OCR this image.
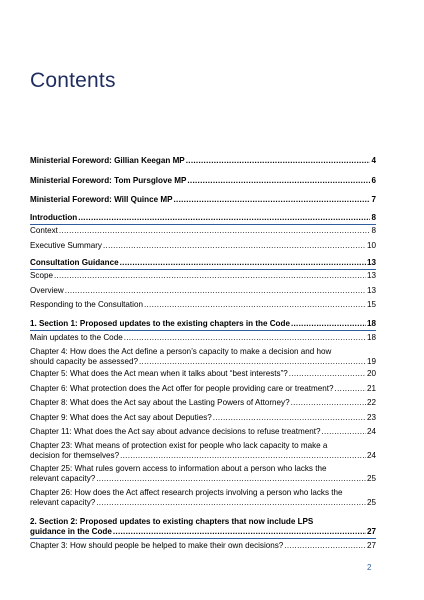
Contents
Ministerial Foreword: Gillian Keegan MP .....	4
Ministerial Foreword: Tom Pursglove MP .....	6
Ministerial Foreword: Will Quince MP .....	7
Introduction .....	8
Context .....	8
Executive Summary .....	10
Consultation Guidance .....	13
Scope .....	13
Overview .....	13
Responding to the Consultation .....	15
1. Section 1: Proposed updates to the existing chapters in the Code .....	18
Main updates to the Code .....	18
Chapter 4: How does the Act define a person’s capacity to make a decision and how
should capacity be assessed? .....	19
Chapter 5: What does the Act mean when it talks about “best interests”? .....	20
Chapter 6: What protection does the Act offer for people providing care or treatment? .....	21
Chapter 8: What does the Act say about the Lasting Powers of Attorney? .....	22
Chapter 9: What does the Act say about Deputies? .....	23
Chapter 11: What does the Act say about advance decisions to refuse treatment? .....	24
Chapter 23: What means of protection exist for people who lack capacity to make a
decision for themselves? .....	24
Chapter 25: What rules govern access to information about a person who lacks the
relevant capacity? .....	25
Chapter 26: How does the Act affect research projects involving a person who lacks the
relevant capacity? .....	25
2. Section 2: Proposed updates to existing chapters that now include LPS
guidance in the Code .....	27
Chapter 3: How should people be helped to make their own decisions? .....	27
2
